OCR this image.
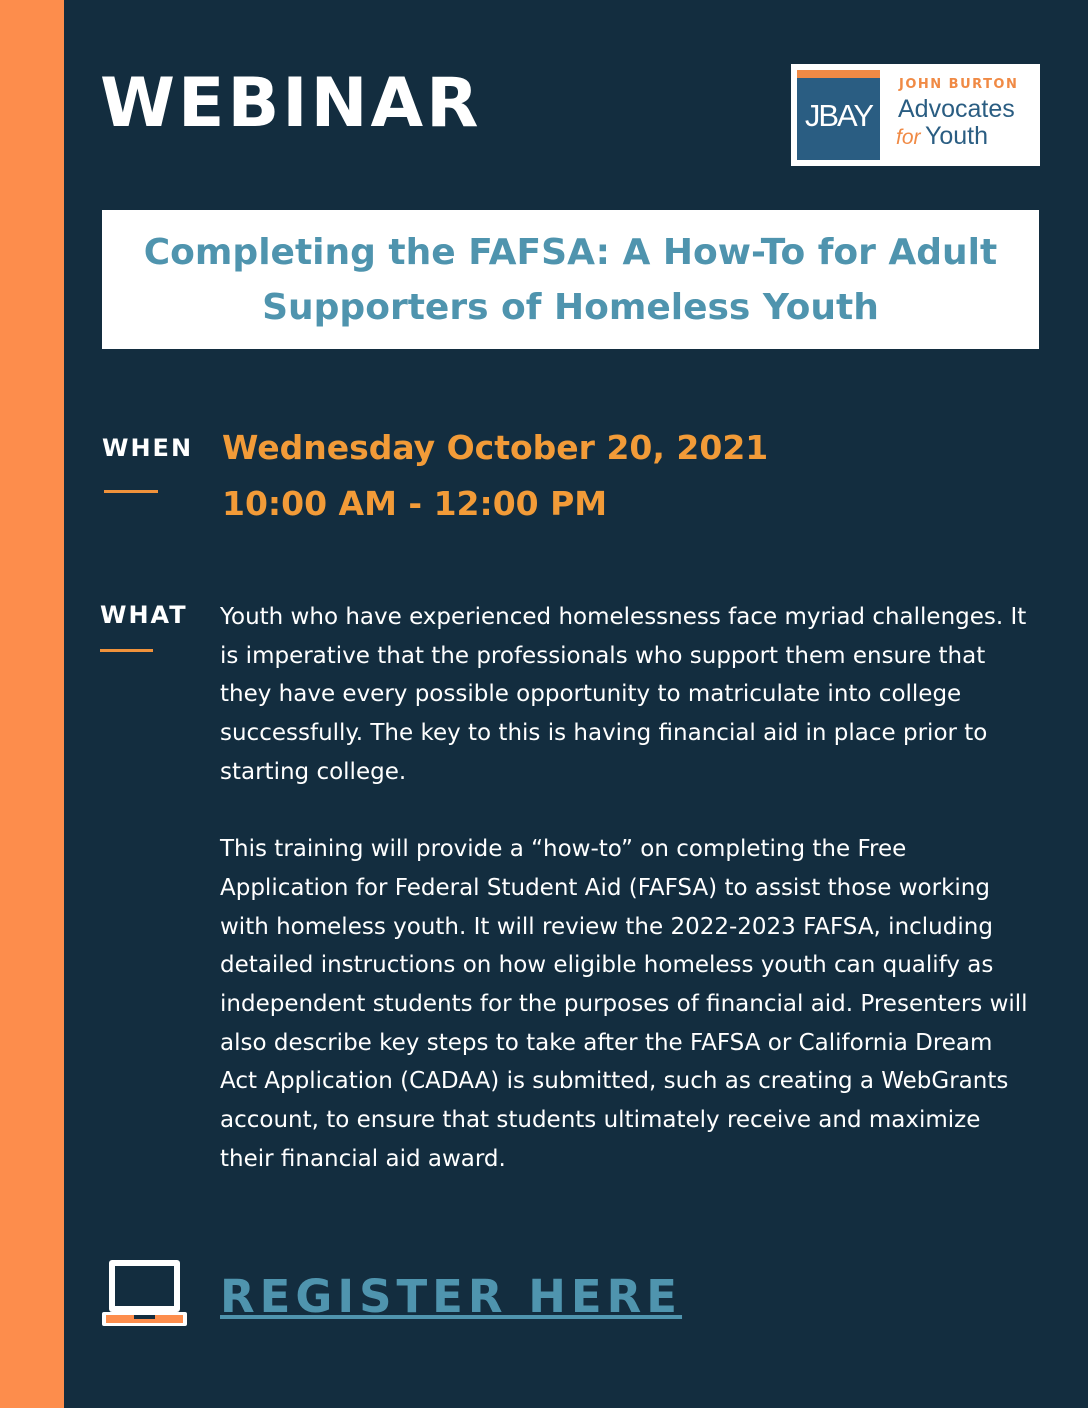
WEBINAR	JBAY
JOHN BURTON
Advocates
for Youth
Completing the FAFSA: A How-To for Adult
Supporters of Homeless Youth
WHEN Wednesday October 20, 2021
10:00 AM - 12:00 PM
WHAT Youth who have experienced homelessness face myriad challenges. It is imperative that the professionals who support them ensure that they have every possible opportunity to matriculate into college successfully. The key to this is having financial aid in place prior to starting college.

This training will provide a “how-to” on completing the Free Application for Federal Student Aid (FAFSA) to assist those working with homeless youth. It will review the 2022-2023 FAFSA, including detailed instructions on how eligible homeless youth can qualify as independent students for the purposes of financial aid. Presenters will also describe key steps to take after the FAFSA or California Dream Act Application (CADAA) is submitted, such as creating a WebGrants account, to ensure that students ultimately receive and maximize their financial aid award.

REGISTER HERE
